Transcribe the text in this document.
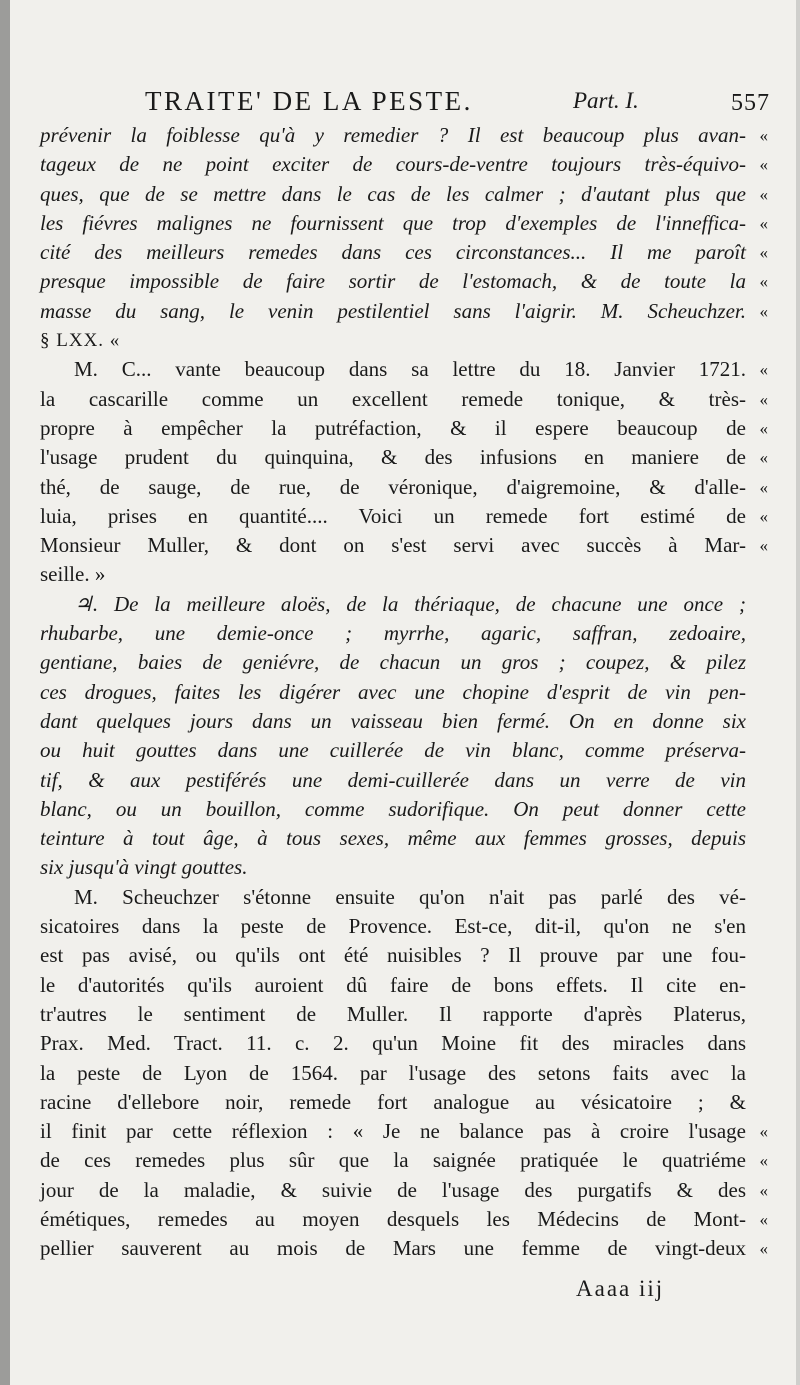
TRAITE' DE LA PESTE.	Part. I.	557
prévenir la foiblesse qu'à y remedier ? Il est beaucoup plus avan- «
tageux de ne point exciter de cours-de-ventre toujours très-équivo- «
ques, que de se mettre dans le cas de les calmer ; d'autant plus que «
les fiévres malignes ne fournissent que trop d'exemples de l'inneffica- «
cité des meilleurs remedes dans ces circonstances... Il me paroît «
presque impossible de faire sortir de l'estomach, & de toute la «
masse du sang, le venin pestilentiel sans l'aigrir. M. Scheuchzer. «
§ LXX. «
M. C... vante beaucoup dans sa lettre du 18. Janvier 1721. «
la cascarille comme un excellent remede tonique, & très- «
propre à empêcher la putréfaction, & il espere beaucoup de «
l'usage prudent du quinquina, & des infusions en maniere de «
thé, de sauge, de rue, de véronique, d'aigremoine, & d'alle- «
luia, prises en quantité.... Voici un remede fort estimé de «
Monsieur Muller, & dont on s'est servi avec succès à Mar- «
seille. »
♃. De la meilleure aloës, de la thériaque, de chacune une once ;
rhubarbe, une demie-once ; myrrhe, agaric, saffran, zedoaire,
gentiane, baies de geniévre, de chacun un gros ; coupez, & pilez
ces drogues, faites les digérer avec une chopine d'esprit de vin pen-
dant quelques jours dans un vaisseau bien fermé. On en donne six
ou huit gouttes dans une cuillerée de vin blanc, comme préserva-
tif, & aux pestiférés une demi-cuillerée dans un verre de vin
blanc, ou un bouillon, comme sudorifique. On peut donner cette
teinture à tout âge, à tous sexes, même aux femmes grosses, depuis
six jusqu'à vingt gouttes.
M. Scheuchzer s'étonne ensuite qu'on n'ait pas parlé des vé-
sicatoires dans la peste de Provence. Est-ce, dit-il, qu'on ne s'en
est pas avisé, ou qu'ils ont été nuisibles ? Il prouve par une fou-
le d'autorités qu'ils auroient dû faire de bons effets. Il cite en-
tr'autres le sentiment de Muller. Il rapporte d'après Platerus,
Prax. Med. Tract. 11. c. 2. qu'un Moine fit des miracles dans
la peste de Lyon de 1564. par l'usage des setons faits avec la
racine d'ellebore noir, remede fort analogue au vésicatoire ; &
il finit par cette réflexion : « Je ne balance pas à croire l'usage «
de ces remedes plus sûr que la saignée pratiquée le quatriéme «
jour de la maladie, & suivie de l'usage des purgatifs & des «
émétiques, remedes au moyen desquels les Médecins de Mont- «
pellier sauverent au mois de Mars une femme de vingt-deux «
Aaaa iij
